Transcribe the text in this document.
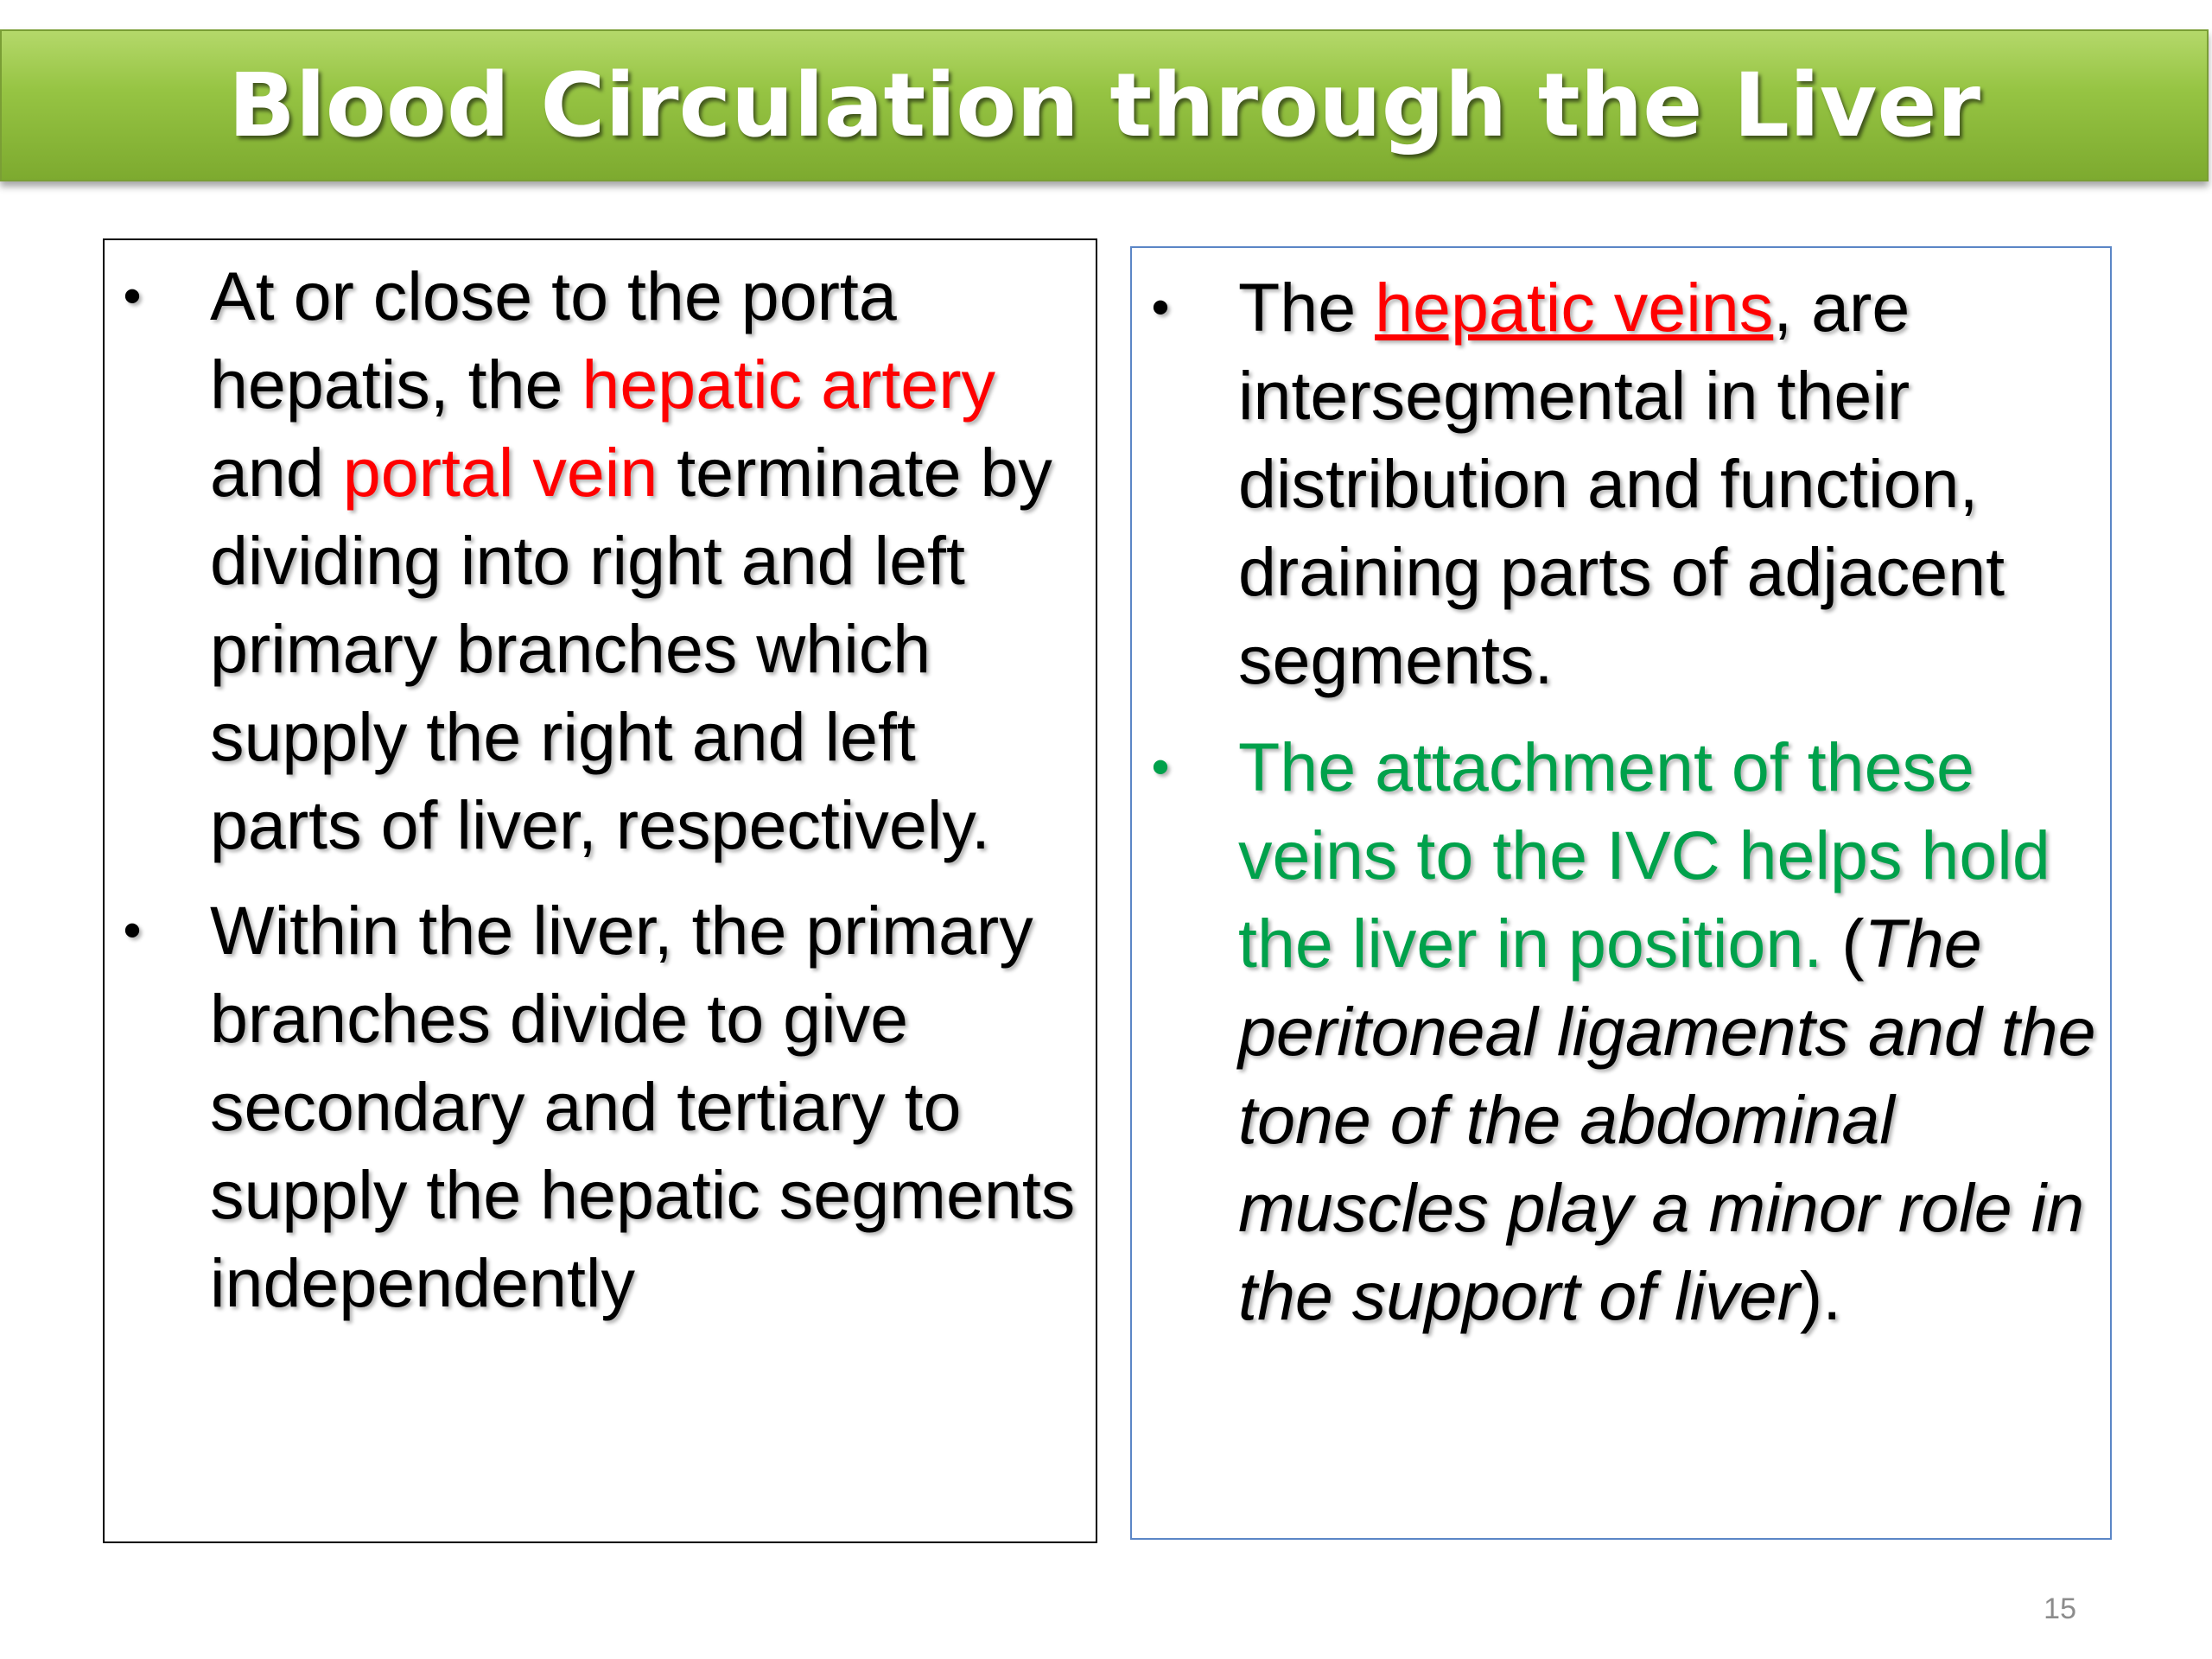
Blood Circulation through the Liver
• At or close to the porta hepatis, the hepatic artery and portal vein terminate by dividing into right and left primary branches which supply the right and left parts of liver, respectively.
• Within the liver, the primary branches divide to give secondary and tertiary to supply the hepatic segments independently
• The hepatic veins, are intersegmental in their distribution and function, draining parts of adjacent segments.
• The attachment of these veins to the IVC helps hold the liver in position. (The peritoneal ligaments and the tone of the abdominal muscles play a minor role in the support of liver).
15
